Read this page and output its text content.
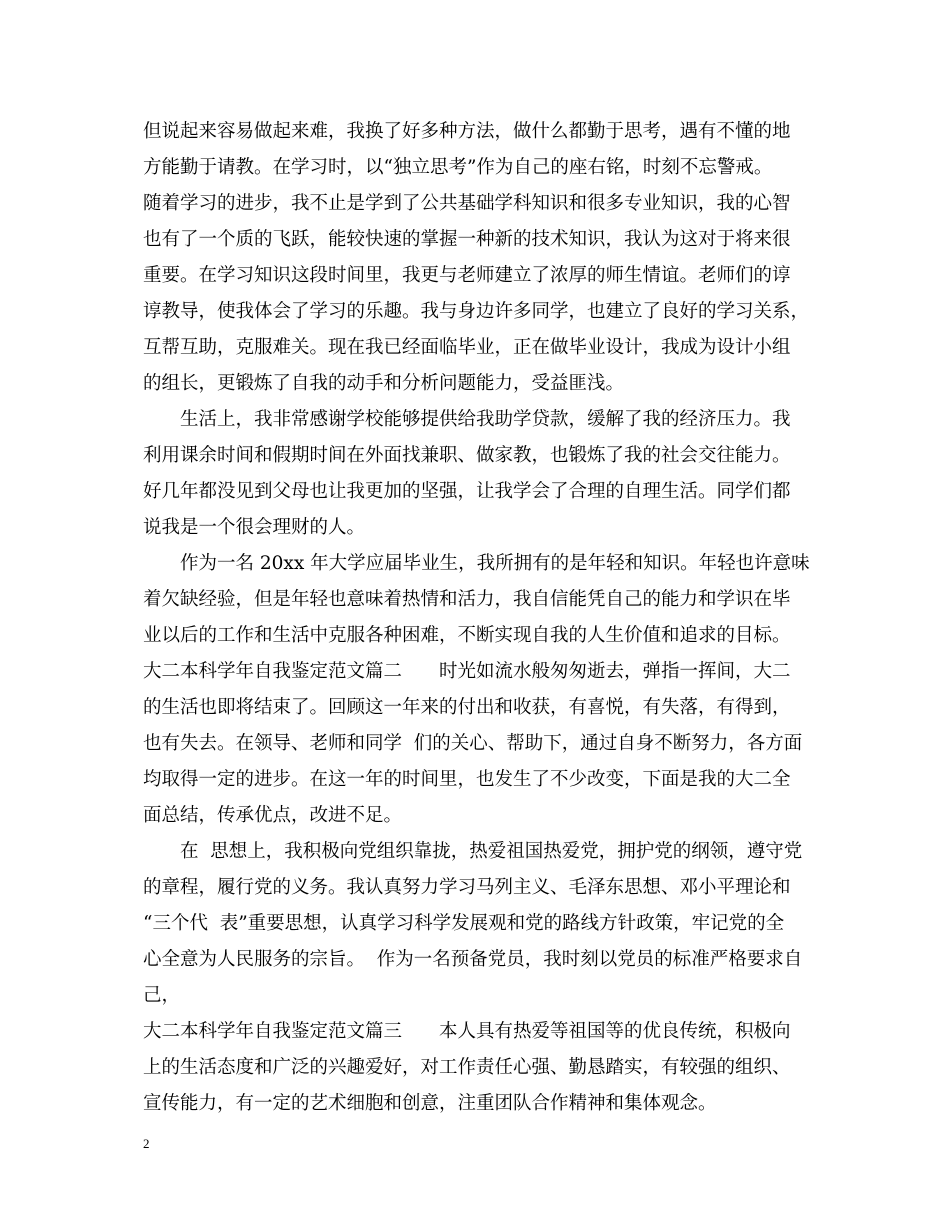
但说起来容易做起来难，我换了好多种方法，做什么都勤于思考，遇有不懂的地
方能勤于请教。在学习时，以“独立思考”作为自己的座右铭，时刻不忘警戒。
随着学习的进步，我不止是学到了公共基础学科知识和很多专业知识，我的心智
也有了一个质的飞跃，能较快速的掌握一种新的技术知识，我认为这对于将来很
重要。在学习知识这段时间里，我更与老师建立了浓厚的师生情谊。老师们的谆
谆教导，使我体会了学习的乐趣。我与身边许多同学，也建立了良好的学习关系，
互帮互助，克服难关。现在我已经面临毕业，正在做毕业设计，我成为设计小组
的组长，更锻炼了自我的动手和分析问题能力，受益匪浅。
生活上，我非常感谢学校能够提供给我助学贷款，缓解了我的经济压力。我
利用课余时间和假期时间在外面找兼职、做家教，也锻炼了我的社会交往能力。
好几年都没见到父母也让我更加的坚强，让我学会了合理的自理生活。同学们都
说我是一个很会理财的人。
作为一名 20xx 年大学应届毕业生，我所拥有的是年轻和知识。年轻也许意味
着欠缺经验，但是年轻也意味着热情和活力，我自信能凭自己的能力和学识在毕
业以后的工作和生活中克服各种困难，不断实现自我的人生价值和追求的目标。
大二本科学年自我鉴定范文篇二　　时光如流水般匆匆逝去，弹指一挥间，大二
的生活也即将结束了。回顾这一年来的付出和收获，有喜悦，有失落，有得到，
也有失去。在领导、老师和同学  们的关心、帮助下，通过自身不断努力，各方面
均取得一定的进步。在这一年的时间里，也发生了不少改变，下面是我的大二全
面总结，传承优点，改进不足。
在  思想上，我积极向党组织靠拢，热爱祖国热爱党，拥护党的纲领，遵守党
的章程，履行党的义务。我认真努力学习马列主义、毛泽东思想、邓小平理论和
“三个代  表”重要思想，认真学习科学发展观和党的路线方针政策，牢记党的全
心全意为人民服务的宗旨。  作为一名预备党员，我时刻以党员的标准严格要求自
己，
大二本科学年自我鉴定范文篇三　　本人具有热爱等祖国等的优良传统，积极向
上的生活态度和广泛的兴趣爱好，对工作责任心强、勤恳踏实，有较强的组织、
宣传能力，有一定的艺术细胞和创意，注重团队合作精神和集体观念。
2
